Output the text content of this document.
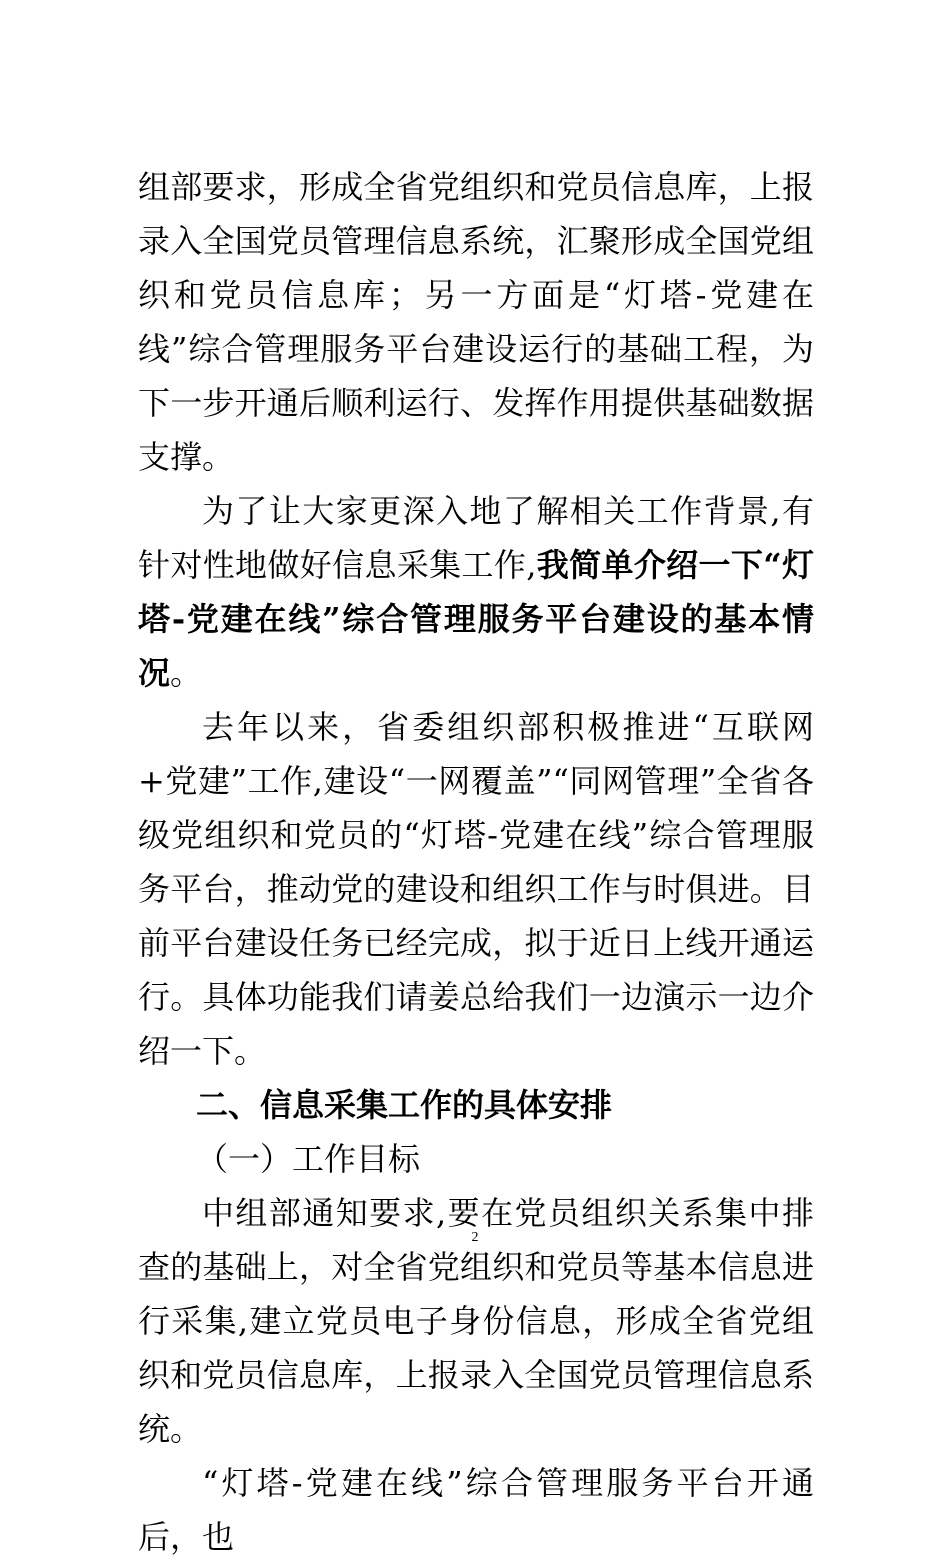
组部要求，形成全省党组织和党员信息库，上报录入全国党员管理信息系统，汇聚形成全国党组织和党员信息库；另一方面是“灯塔-党建在线”综合管理服务平台建设运行的基础工程，为下一步开通后顺利运行、发挥作用提供基础数据支撑。

为了让大家更深入地了解相关工作背景,有针对性地做好信息采集工作,我简单介绍一下“灯塔-党建在线”综合管理服务平台建设的基本情况。

去年以来，省委组织部积极推进“互联网+党建”工作,建设“一网覆盖”“同网管理”全省各级党组织和党员的“灯塔-党建在线”综合管理服务平台，推动党的建设和组织工作与时俱进。目前平台建设任务已经完成，拟于近日上线开通运行。具体功能我们请姜总给我们一边演示一边介绍一下。

二、信息采集工作的具体安排

（一）工作目标

中组部通知要求,要在党员组织关系集中排查的基础上，对全省党组织和党员等基本信息进行采集,建立党员电子身份信息，形成全省党组织和党员信息库，上报录入全国党员管理信息系统。

“灯塔-党建在线”综合管理服务平台开通后，也

2
